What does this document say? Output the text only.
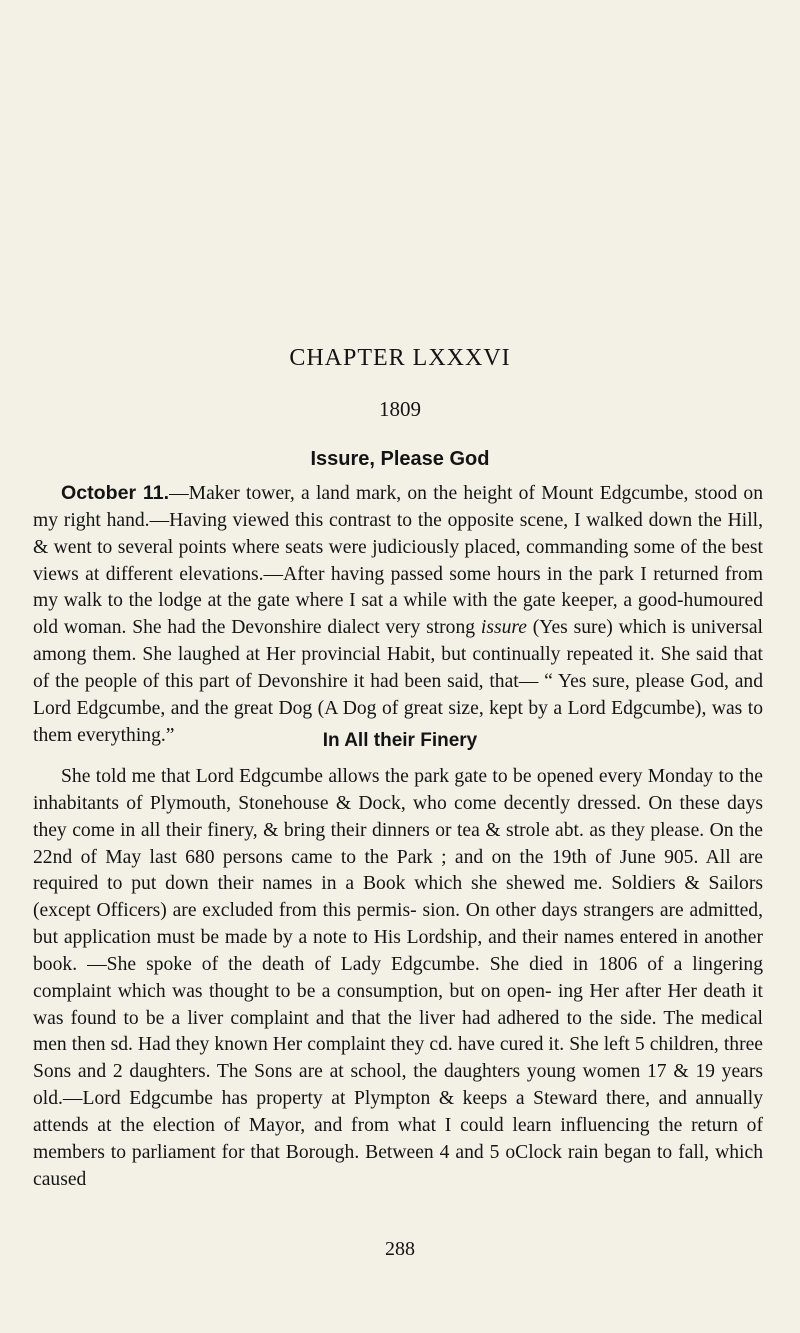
CHAPTER LXXXVI
1809
Issure, Please God
October 11.—Maker tower, a land mark, on the height of Mount Edgcumbe, stood on my right hand.—Having viewed this contrast to the opposite scene, I walked down the Hill, & went to several points where seats were judiciously placed, commanding some of the best views at different elevations.—After having passed some hours in the park I returned from my walk to the lodge at the gate where I sat a while with the gate keeper, a good-humoured old woman. She had the Devonshire dialect very strong issure (Yes sure) which is universal among them. She laughed at Her provincial Habit, but continually repeated it. She said that of the people of this part of Devonshire it had been said, that— “ Yes sure, please God, and Lord Edgcumbe, and the great Dog (A Dog of great size, kept by a Lord Edgcumbe), was to them everything.”	In All their Finery
She told me that Lord Edgcumbe allows the park gate to be opened every Monday to the inhabitants of Plymouth, Stonehouse & Dock, who come decently dressed. On these days they come in all their finery, & bring their dinners or tea & strole abt. as they please. On the 22nd of May last 680 persons came to the Park ; and on the 19th of June 905. All are required to put down their names in a Book which she shewed me. Soldiers & Sailors (except Officers) are excluded from this permis- sion. On other days strangers are admitted, but application must be made by a note to His Lordship, and their names entered in another book. —She spoke of the death of Lady Edgcumbe. She died in 1806 of a lingering complaint which was thought to be a consumption, but on open- ing Her after Her death it was found to be a liver complaint and that the liver had adhered to the side. The medical men then sd. Had they known Her complaint they cd. have cured it. She left 5 children, three Sons and 2 daughters. The Sons are at school, the daughters young women 17 & 19 years old.—Lord Edgcumbe has property at Plympton & keeps a Steward there, and annually attends at the election of Mayor, and from what I could learn influencing the return of members to parliament for that Borough. Between 4 and 5 oClock rain began to fall, which caused
288
